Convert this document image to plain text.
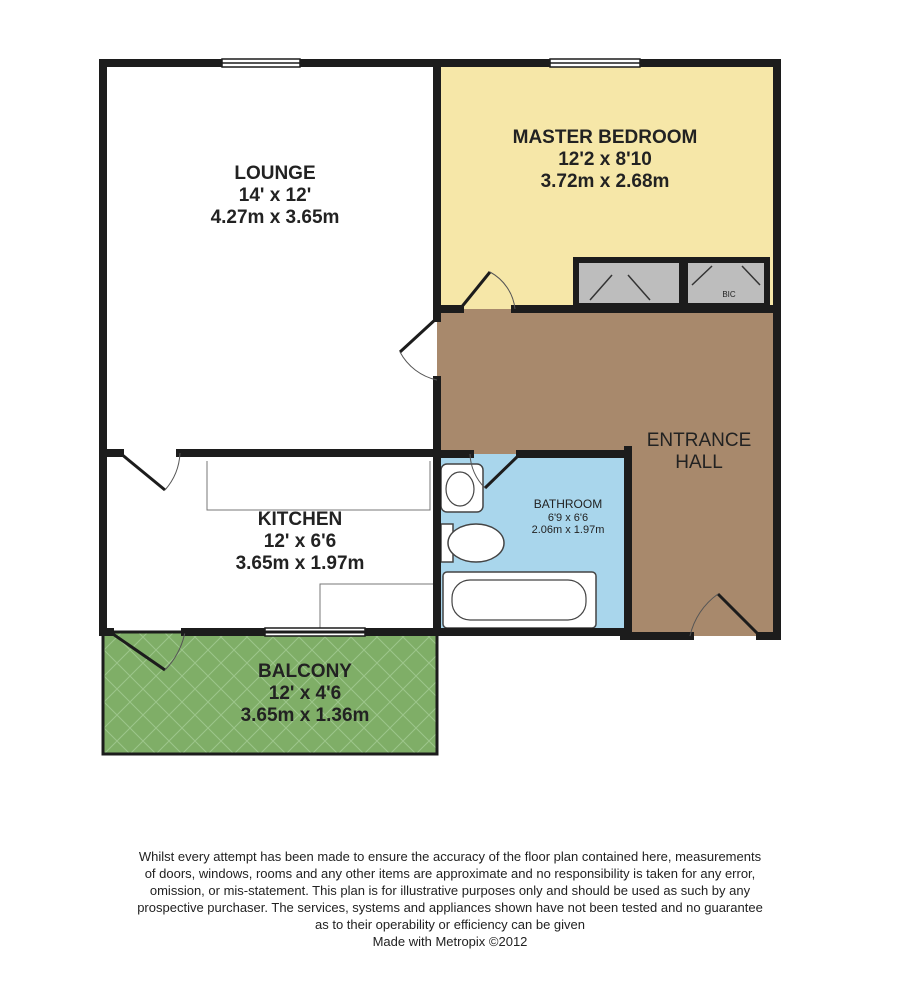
LOUNGE
14' x 12'
4.27m x 3.65m
MASTER BEDROOM
12'2 x 8'10
3.72m x 2.68m
BIC
ENTRANCE
HALL
BATHROOM
6'9 x 6'6
2.06m x 1.97m
KITCHEN
12' x 6'6
3.65m x 1.97m
BALCONY
12' x 4'6
3.65m x 1.36m
Whilst every attempt has been made to ensure the accuracy of the floor plan contained here, measurements
of doors, windows, rooms and any other items are approximate and no responsibility is taken for any error,
omission, or mis-statement. This plan is for illustrative purposes only and should be used as such by any
prospective purchaser. The services, systems and appliances shown have not been tested and no guarantee
as to their operability or efficiency can be given
Made with Metropix ©2012
